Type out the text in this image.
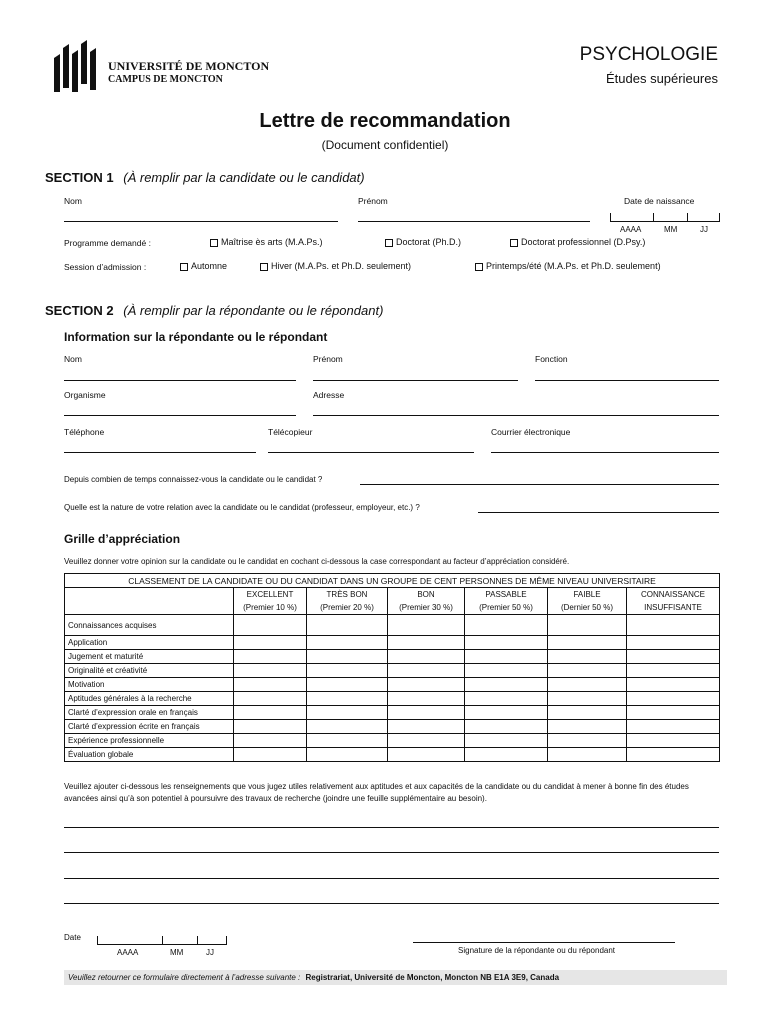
UNIVERSITÉ DE MONCTON
CAMPUS DE MONCTON
PSYCHOLOGIE
Études supérieures
Lettre de recommandation
(Document confidentiel)
SECTION 1 (À remplir par la candidate ou le candidat)
Nom	Prénom	Date de naissance
AAAA	MM	JJ
Programme demandé :	Maîtrise ès arts (M.A.Ps.)	Doctorat (Ph.D.)	Doctorat professionnel (D.Psy.)
Session d’admission :	Automne	Hiver (M.A.Ps. et Ph.D. seulement)	Printemps/été (M.A.Ps. et Ph.D. seulement)
SECTION 2 (À remplir par la répondante ou le répondant)
Information sur la répondante ou le répondant
Nom	Prénom	Fonction
Organisme	Adresse
Téléphone	Télécopieur	Courrier électronique
Depuis combien de temps connaissez-vous la candidate ou le candidat ?
Quelle est la nature de votre relation avec la candidate ou le candidat (professeur, employeur, etc.) ?
Grille d’appréciation
Veuillez donner votre opinion sur la candidate ou le candidat en cochant ci-dessous la case correspondant au facteur d’appréciation considéré.
CLASSEMENT DE LA CANDIDATE OU DU CANDIDAT DANS UN GROUPE DE CENT PERSONNES DE MÊME NIVEAU UNIVERSITAIRE						
	EXCELLENT	TRÈS BON	BON	PASSABLE	FAIBLE	CONNAISSANCE
	(Premier 10 %)	(Premier 20 %)	(Premier 30 %)	(Premier 50 %)	(Dernier 50 %)	INSUFFISANTE
Connaissances acquises						
Application						
Jugement et maturité						
Originalité et créativité						
Motivation						
Aptitudes générales à la recherche						
Clarté d’expression orale en français						
Clarté d’expression écrite en français						
Expérience professionnelle						
Évaluation globale						
Veuillez ajouter ci-dessous les renseignements que vous jugez utiles relativement aux aptitudes et aux capacités de la candidate ou du candidat à mener à bonne fin des études avancées ainsi qu’à son potentiel à poursuivre des travaux de recherche (joindre une feuille supplémentaire au besoin).
Date
AAAA	MM	JJ	Signature de la répondante ou du répondant
Veuillez retourner ce formulaire directement à l’adresse suivante : Registrariat, Université de Moncton, Moncton NB E1A 3E9, Canada
